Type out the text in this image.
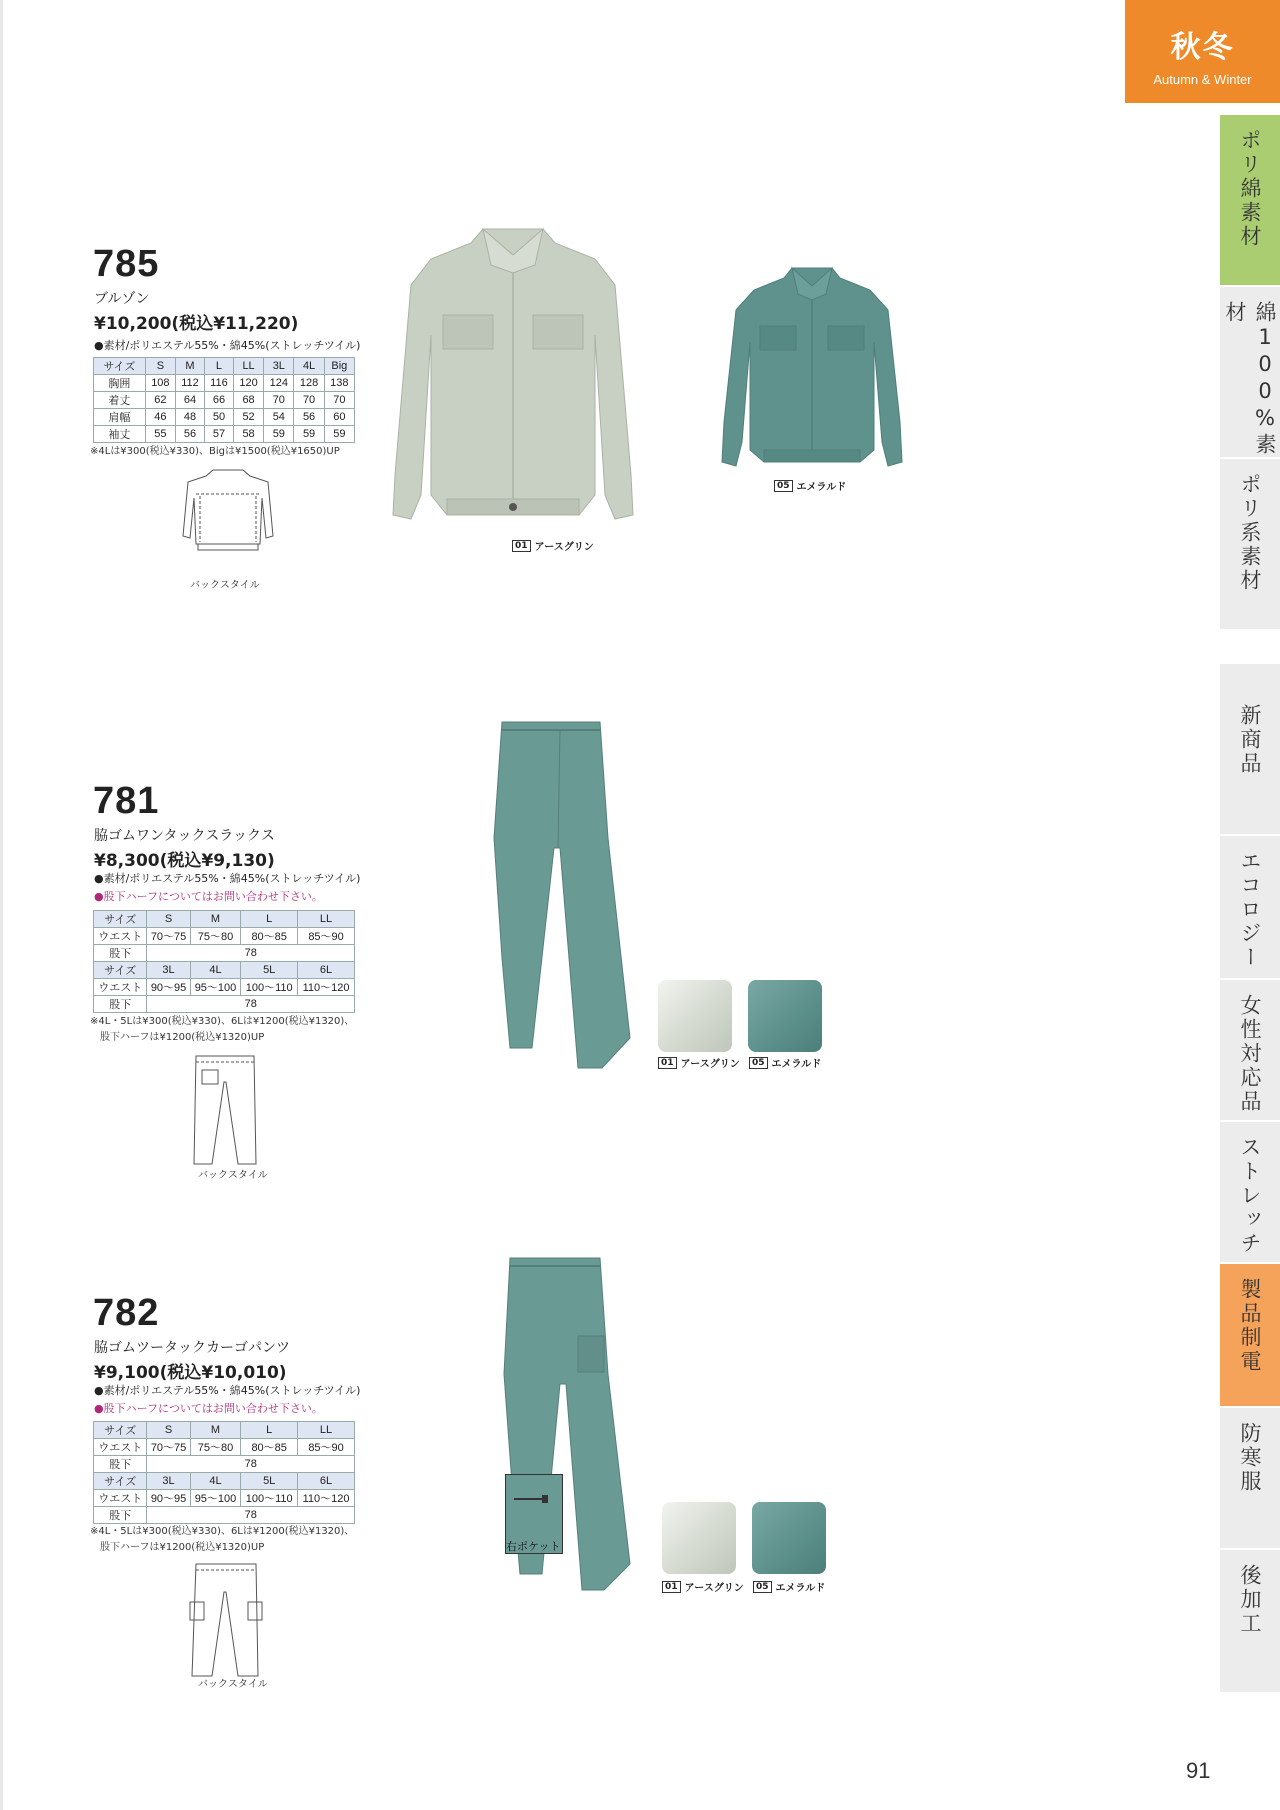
秋冬
Autumn & Winter
ポリ綿素材
綿100%素材
ポリ系素材
新商品
エコロジー
女性対応品
ストレッチ
製品制電
防寒服
後加工
91
785
ブルゾン
¥10,200(税込¥11,220)
●素材/ポリエステル55%・綿45%(ストレッチツイル)
サイズ	S	M	L	LL	3L	4L	Big
胸囲	108	112	116	120	124	128	138
着丈	62	64	66	68	70	70	70
肩幅	46	48	50	52	54	56	60
袖丈	55	56	57	58	59	59	59
※4Lは¥300(税込¥330)、Bigは¥1500(税込¥1650)UP
バックスタイル
01 アースグリン
05 エメラルド
781
脇ゴムワンタックスラックス
¥8,300(税込¥9,130)
●素材/ポリエステル55%・綿45%(ストレッチツイル)
●股下ハーフについてはお問い合わせ下さい。
サイズ	S	M	L	LL
ウエスト	70〜75	75〜80	80〜85	85〜90
股下	78			
サイズ	3L	4L	5L	6L
ウエスト	90〜95	95〜100	100〜110	110〜120
股下	78			
※4L・5Lは¥300(税込¥330)、6Lは¥1200(税込¥1320)、
　股下ハーフは¥1200(税込¥1320)UP
バックスタイル
01 アースグリン	05 エメラルド
782
脇ゴムツータックカーゴパンツ
¥9,100(税込¥10,010)
●素材/ポリエステル55%・綿45%(ストレッチツイル)
●股下ハーフについてはお問い合わせ下さい。
サイズ	S	M	L	LL
ウエスト	70〜75	75〜80	80〜85	85〜90
股下	78			
サイズ	3L	4L	5L	6L
ウエスト	90〜95	95〜100	100〜110	110〜120
股下	78			
※4L・5Lは¥300(税込¥330)、6Lは¥1200(税込¥1320)、
　股下ハーフは¥1200(税込¥1320)UP
バックスタイル
右ポケット
01 アースグリン	05 エメラルド
